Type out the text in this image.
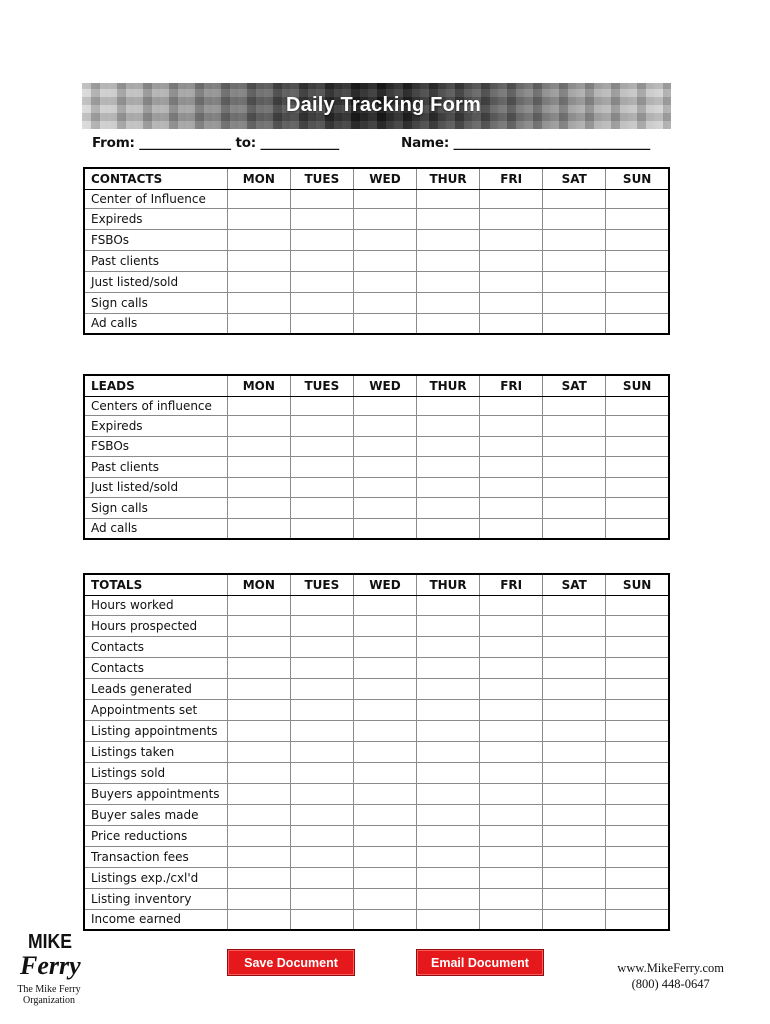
Daily Tracking Form
From: ______________ to: ____________	Name: ______________________________
CONTACTS	MON	TUES	WED	THUR	FRI	SAT	SUN
Center of Influence							
Expireds							
FSBOs							
Past clients							
Just listed/sold							
Sign calls							
Ad calls							
LEADS	MON	TUES	WED	THUR	FRI	SAT	SUN
Centers of influence							
Expireds							
FSBOs							
Past clients							
Just listed/sold							
Sign calls							
Ad calls							
TOTALS	MON	TUES	WED	THUR	FRI	SAT	SUN
Hours worked							
Hours prospected							
Contacts							
Contacts							
Leads generated							
Appointments set							
Listing appointments							
Listings taken							
Listings sold							
Buyers appointments							
Buyer sales made							
Price reductions							
Transaction fees							
Listings exp./cxl'd							
Listing inventory							
Income earned							
Save Document	Email Document
MIKE
Ferry
The Mike Ferry
Organization
www.MikeFerry.com
(800) 448-0647
